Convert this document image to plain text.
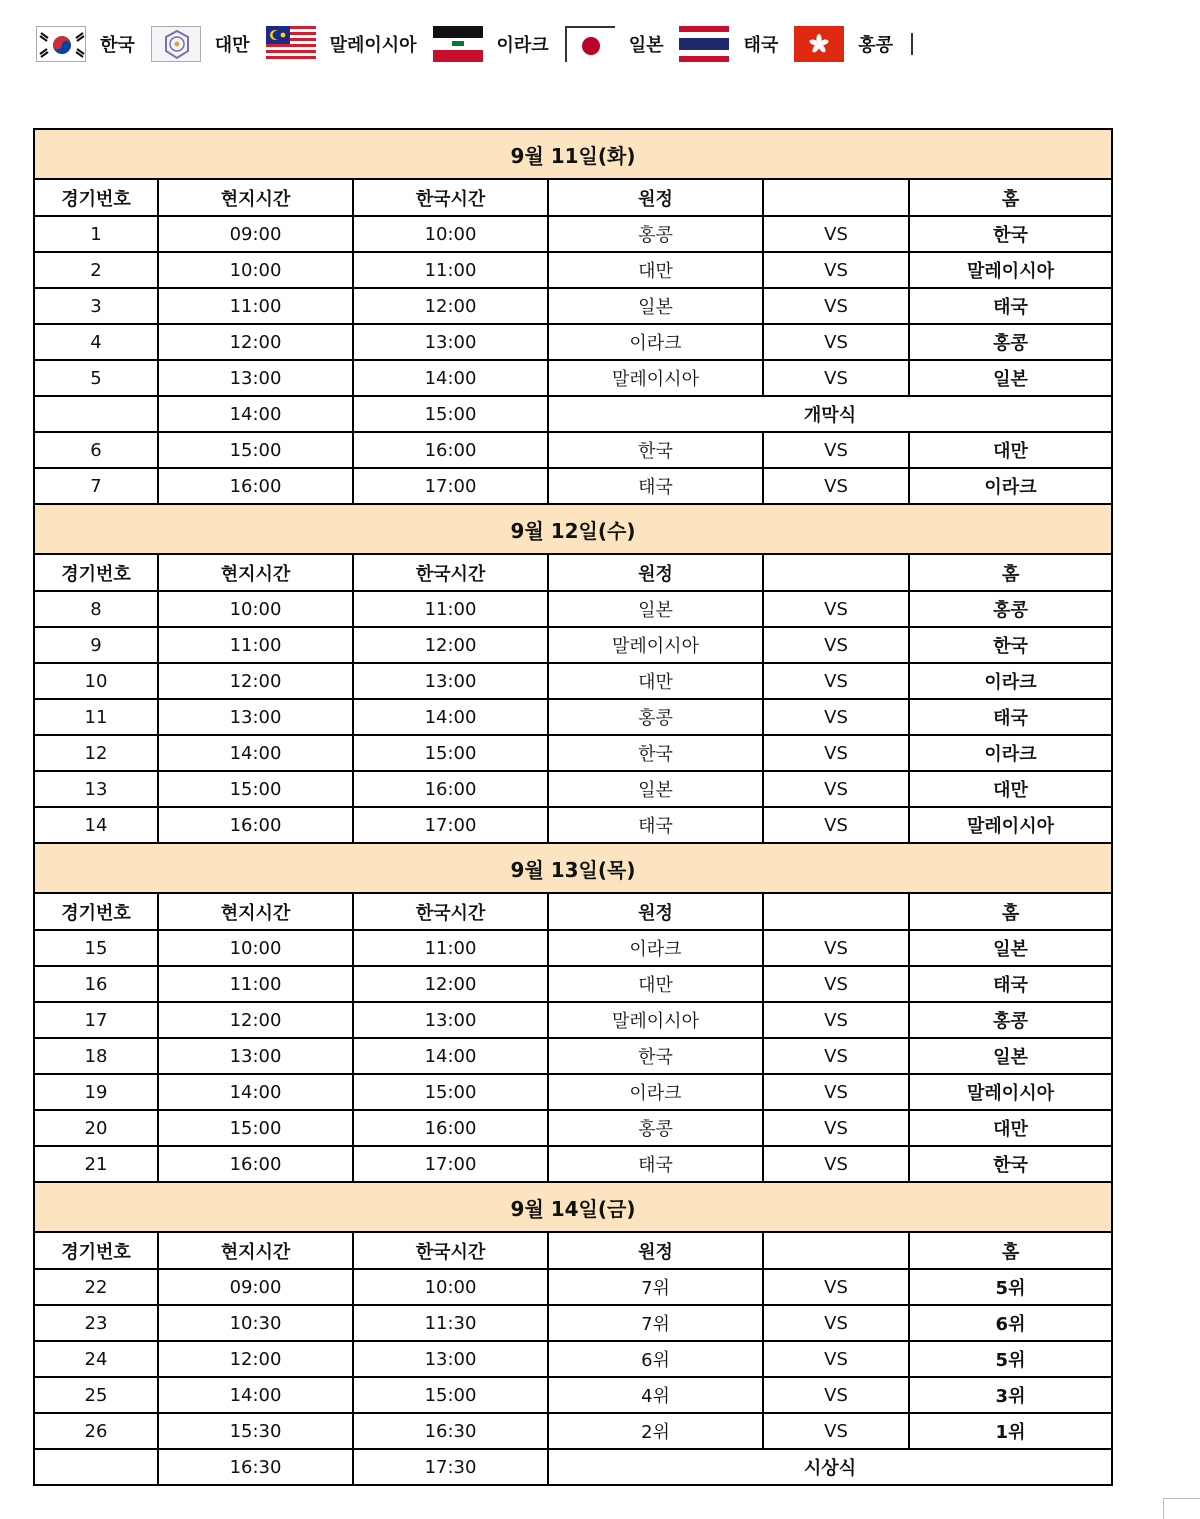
한국	대만	말레이시아	이라크	일본	태국	홍콩
9월 11일(화)					
경기번호	현지시간	한국시간	원정		홈
1	09:00	10:00	홍콩	VS	한국
2	10:00	11:00	대만	VS	말레이시아
3	11:00	12:00	일본	VS	태국
4	12:00	13:00	이라크	VS	홍콩
5	13:00	14:00	말레이시아	VS	일본
	14:00	15:00	개막식		
6	15:00	16:00	한국	VS	대만
7	16:00	17:00	태국	VS	이라크
9월 12일(수)					
경기번호	현지시간	한국시간	원정		홈
8	10:00	11:00	일본	VS	홍콩
9	11:00	12:00	말레이시아	VS	한국
10	12:00	13:00	대만	VS	이라크
11	13:00	14:00	홍콩	VS	태국
12	14:00	15:00	한국	VS	이라크
13	15:00	16:00	일본	VS	대만
14	16:00	17:00	태국	VS	말레이시아
9월 13일(목)					
경기번호	현지시간	한국시간	원정		홈
15	10:00	11:00	이라크	VS	일본
16	11:00	12:00	대만	VS	태국
17	12:00	13:00	말레이시아	VS	홍콩
18	13:00	14:00	한국	VS	일본
19	14:00	15:00	이라크	VS	말레이시아
20	15:00	16:00	홍콩	VS	대만
21	16:00	17:00	태국	VS	한국
9월 14일(금)					
경기번호	현지시간	한국시간	원정		홈
22	09:00	10:00	7위	VS	5위
23	10:30	11:30	7위	VS	6위
24	12:00	13:00	6위	VS	5위
25	14:00	15:00	4위	VS	3위
26	15:30	16:30	2위	VS	1위
	16:30	17:30	시상식		
